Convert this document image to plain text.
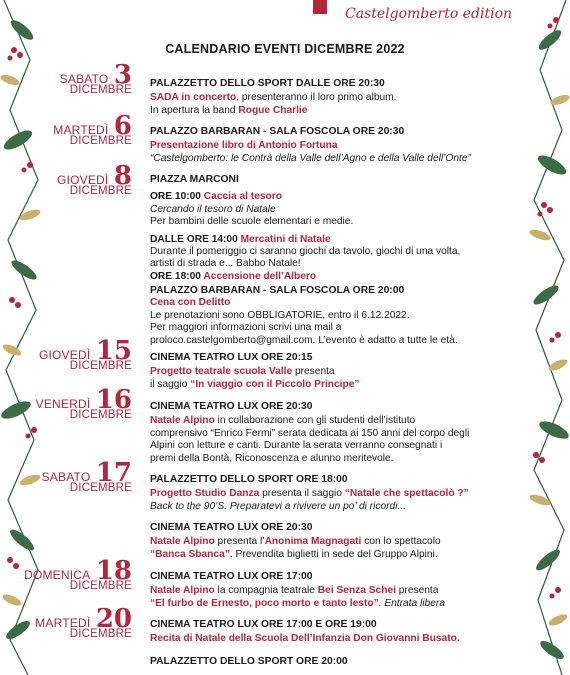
Castelgomberto edition
CALENDARIO EVENTI DICEMBRE 2022
SABATO 3
DICEMBRE
MARTEDÌ 6
DICEMBRE
GIOVEDÌ 8
DICEMBRE
GIOVEDÌ 15
DICEMBRE
VENERDÌ 16
DICEMBRE
SABATO 17
DICEMBRE
DOMENICA 18
DICEMBRE
MARTEDÌ 20
DICEMBRE
PALAZZETTO DELLO SPORT DALLE ORE 20:30
SADA in concerto, presenteranno il loro primo album.
In apertura la band Rogue Charlie
PALAZZO BARBARAN - SALA FOSCOLA ORE 20:30
Presentazione libro di Antonio Fortuna
“Castelgomberto: le Contrà della Valle dell’Agno e della Valle dell’Onte”
PIAZZA MARCONI
ORE 10:00 Caccia al tesoro
Cercando il tesoro di Natale
Per bambini delle scuole elementari e medie.
DALLE ORE 14:00 Mercatini di Natale
Durante il pomeriggio ci saranno giochi da tavolo, giochi di una volta,
artisti di strada e... Babbo Natale!
ORE 18:00 Accensione dell’Albero
PALAZZO BARBARAN - SALA FOSCOLA ORE 20:00
Cena con Delitto
Le prenotazioni sono OBBLIGATORIE, entro il 6.12.2022.
Per maggiori informazioni scrivi una mail a
proloco.castelgomberto@gmail.com. L’evento è adatto a tutte le età.
CINEMA TEATRO LUX ORE 20:15
Progetto teatrale scuola Valle presenta
il saggio “In viaggio con il Piccolo Principe”
CINEMA TEATRO LUX ORE 20:30
Natale Alpino in collaborazione con gli studenti dell’istituto
comprensivo “Enrico Fermi” serata dedicata ai 150 anni del corpo degli
Alpini con letture e canti. Durante la serata verranno consegnati i
premi della Bontà, Riconoscenza e alunno meritevole.
PALAZZETTO DELLO SPORT ORE 18:00
Progetto Studio Danza presenta il saggio “Natale che spettacolò ?”
Back to the 90’S. Preparatevi a rivivere un po’ di ricordi...
CINEMA TEATRO LUX ORE 20:30
Natale Alpino presenta l’Anonima Magnagati con lo spettacolo
“Banca Sbanca”. Prevendita biglietti in sede del Gruppo Alpini.
CINEMA TEATRO LUX ORE 17:00
Natale Alpino la compagnia teatrale Bei Senza Schei presenta
“El furbo de Ernesto, poco morto e tanto lesto”. Entrata libera
CINEMA TEATRO LUX ORE 17:00 E ORE 19:00
Recita di Natale della Scuola Dell’Infanzia Don Giovanni Busato.
PALAZZETTO DELLO SPORT ORE 20:00
